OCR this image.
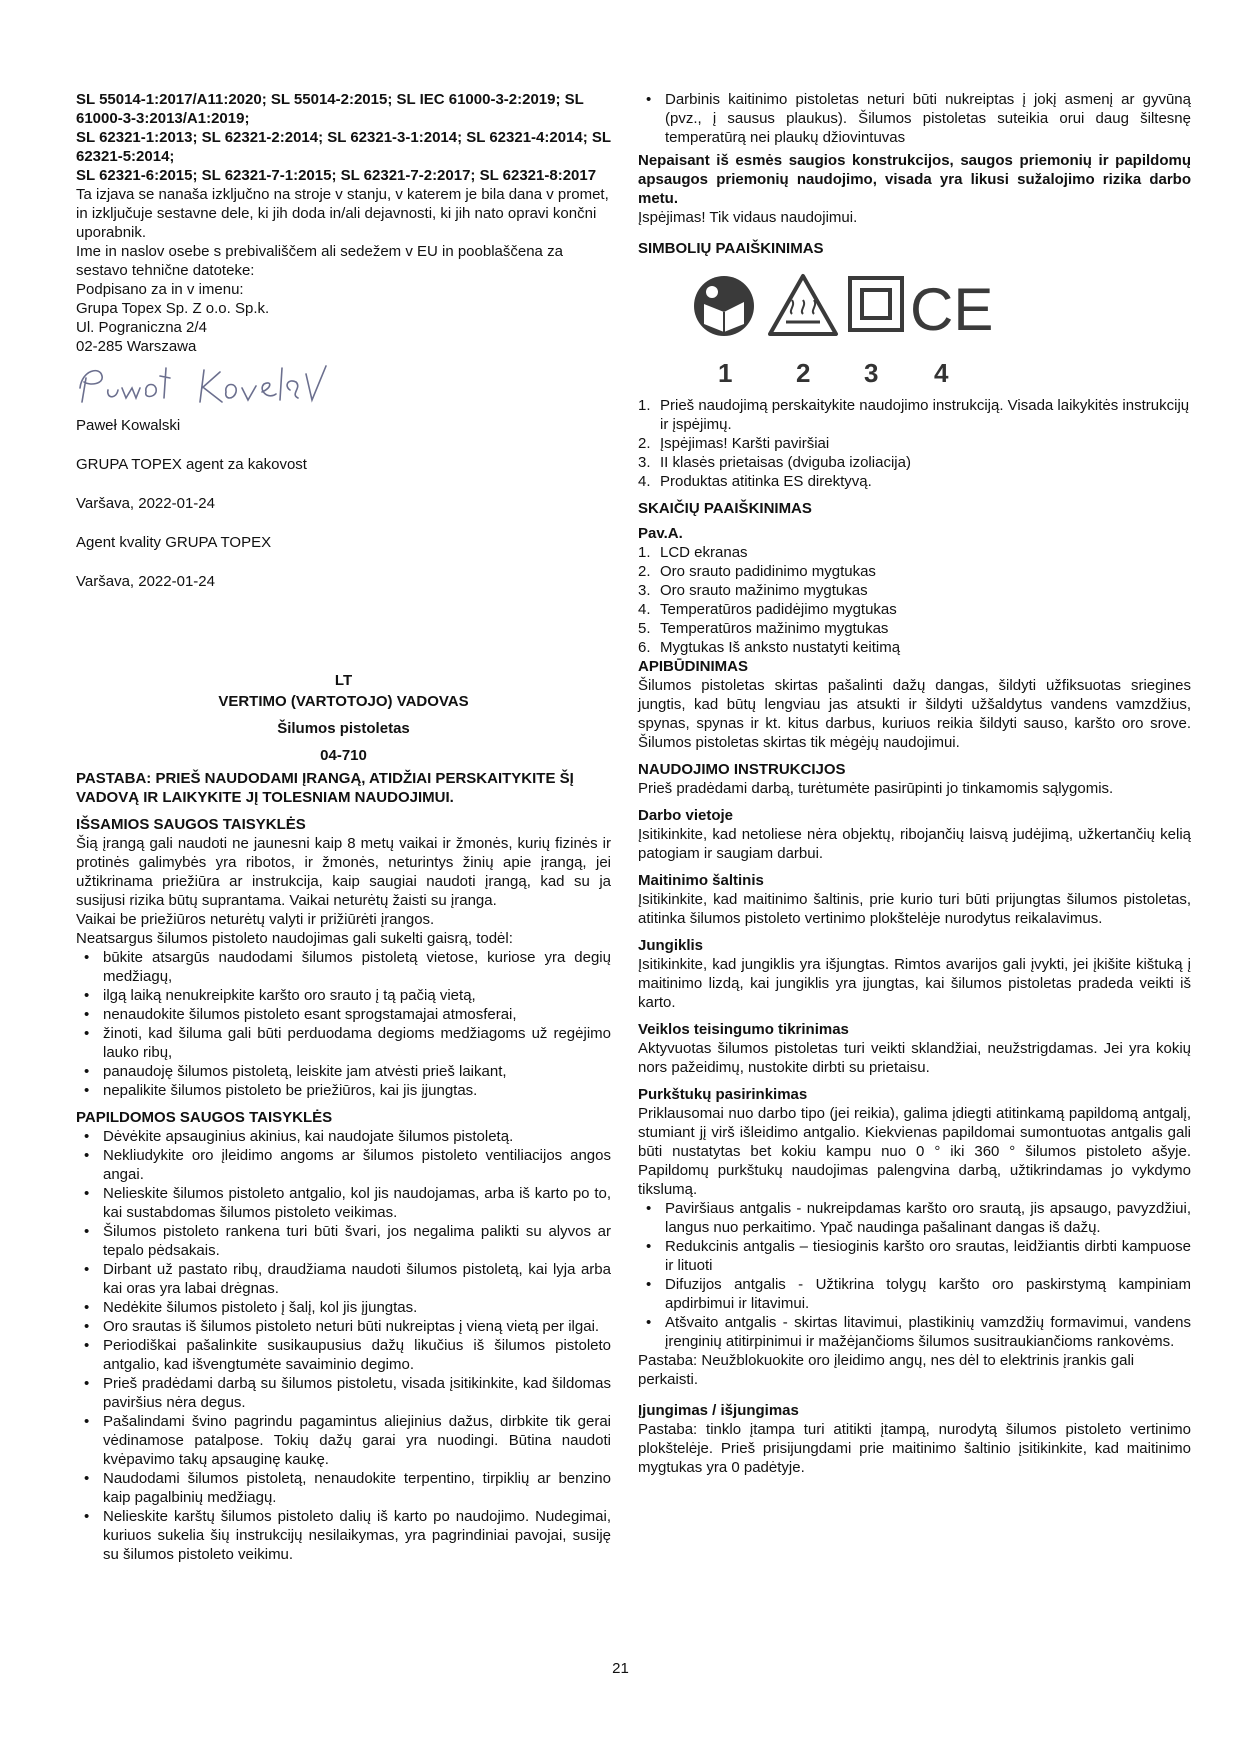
SL 55014-1:2017/A11:2020; SL 55014-2:2015; SL IEC 61000-3-2:2019; SL 61000-3-3:2013/A1:2019;

SL 62321-1:2013; SL 62321-2:2014; SL 62321-3-1:2014; SL 62321-4:2014; SL 62321-5:2014;

SL 62321-6:2015; SL 62321-7-1:2015; SL 62321-7-2:2017; SL 62321-8:2017

Ta izjava se nanaša izključno na stroje v stanju, v katerem je bila dana v promet, in izključuje sestavne dele, ki jih doda in/ali dejavnosti, ki jih nato opravi končni uporabnik.

Ime in naslov osebe s prebivališčem ali sedežem v EU in pooblaščena za sestavo tehnične datoteke:

Podpisano za in v imenu:

Grupa Topex Sp. Z o.o. Sp.k.

Ul. Pograniczna 2/4

02-285 Warszawa

Paweł Kowalski

GRUPA TOPEX agent za kakovost

Varšava, 2022-01-24

Agent kvality GRUPA TOPEX

Varšava, 2022-01-24

LT

VERTIMO (VARTOTOJO) VADOVAS

Šilumos pistoletas

04-710

PASTABA: PRIEŠ NAUDODAMI ĮRANGĄ, ATIDŽIAI PERSKAITYKITE ŠĮ VADOVĄ IR LAIKYKITE JĮ TOLESNIAM NAUDOJIMUI.

IŠSAMIOS SAUGOS TAISYKLĖS

Šią įrangą gali naudoti ne jaunesni kaip 8 metų vaikai ir žmonės, kurių fizinės ir protinės galimybės yra ribotos, ir žmonės, neturintys žinių apie įrangą, jei užtikrinama priežiūra ar instrukcija, kaip saugiai naudoti įrangą, kad su ja susijusi rizika būtų suprantama. Vaikai neturėtų žaisti su įranga.

Vaikai be priežiūros neturėtų valyti ir prižiūrėti įrangos.

Neatsargus šilumos pistoleto naudojimas gali sukelti gaisrą, todėl:

• būkite atsargūs naudodami šilumos pistoletą vietose, kuriose yra degių medžiagų,
• ilgą laiką nenukreipkite karšto oro srauto į tą pačią vietą,
• nenaudokite šilumos pistoleto esant sprogstamajai atmosferai,
• žinoti, kad šiluma gali būti perduodama degioms medžiagoms už regėjimo lauko ribų,
• panaudoję šilumos pistoletą, leiskite jam atvėsti prieš laikant,
• nepalikite šilumos pistoleto be priežiūros, kai jis įjungtas.

PAPILDOMOS SAUGOS TAISYKLĖS

• Dėvėkite apsauginius akinius, kai naudojate šilumos pistoletą.
• Nekliudykite oro įleidimo angoms ar šilumos pistoleto ventiliacijos angos angai.
• Nelieskite šilumos pistoleto antgalio, kol jis naudojamas, arba iš karto po to, kai sustabdomas šilumos pistoleto veikimas.
• Šilumos pistoleto rankena turi būti švari, jos negalima palikti su alyvos ar tepalo pėdsakais.
• Dirbant už pastato ribų, draudžiama naudoti šilumos pistoletą, kai lyja arba kai oras yra labai drėgnas.
• Nedėkite šilumos pistoleto į šalį, kol jis įjungtas.
• Oro srautas iš šilumos pistoleto neturi būti nukreiptas į vieną vietą per ilgai.
• Periodiškai pašalinkite susikaupusius dažų likučius iš šilumos pistoleto antgalio, kad išvengtumėte savaiminio degimo.
• Prieš pradėdami darbą su šilumos pistoletu, visada įsitikinkite, kad šildomas paviršius nėra degus.
• Pašalindami švino pagrindu pagamintus aliejinius dažus, dirbkite tik gerai vėdinamose patalpose. Tokių dažų garai yra nuodingi. Būtina naudoti kvėpavimo takų apsauginę kaukę.
• Naudodami šilumos pistoletą, nenaudokite terpentino, tirpiklių ar benzino kaip pagalbinių medžiagų.
• Nelieskite karštų šilumos pistoleto dalių iš karto po naudojimo. Nudegimai, kuriuos sukelia šių instrukcijų nesilaikymas, yra pagrindiniai pavojai, susiję su šilumos pistoleto veikimu.
• Darbinis kaitinimo pistoletas neturi būti nukreiptas į jokį asmenį ar gyvūną (pvz., į sausus plaukus). Šilumos pistoletas suteikia orui daug šiltesnę temperatūrą nei plaukų džiovintuvas

Nepaisant iš esmės saugios konstrukcijos, saugos priemonių ir papildomų apsaugos priemonių naudojimo, visada yra likusi sužalojimo rizika darbo metu.

Įspėjimas! Tik vidaus naudojimui.

SIMBOLIŲ PAAIŠKINIMAS

CE
1 2 3 4
1. Prieš naudojimą perskaitykite naudojimo instrukciją. Visada laikykitės instrukcijų ir įspėjimų.
2. Įspėjimas! Karšti paviršiai
3. II klasės prietaisas (dviguba izoliacija)
4. Produktas atitinka ES direktyvą.

SKAIČIŲ PAAIŠKINIMAS

Pav.A.

1. LCD ekranas
2. Oro srauto padidinimo mygtukas
3. Oro srauto mažinimo mygtukas
4. Temperatūros padidėjimo mygtukas
5. Temperatūros mažinimo mygtukas
6. Mygtukas Iš anksto nustatyti keitimą

APIBŪDINIMAS

Šilumos pistoletas skirtas pašalinti dažų dangas, šildyti užfiksuotas sriegines jungtis, kad būtų lengviau jas atsukti ir šildyti užšaldytus vandens vamzdžius, spynas, spynas ir kt. kitus darbus, kuriuos reikia šildyti sauso, karšto oro srove. Šilumos pistoletas skirtas tik mėgėjų naudojimui.

NAUDOJIMO INSTRUKCIJOS

Prieš pradėdami darbą, turėtumėte pasirūpinti jo tinkamomis sąlygomis.

Darbo vietoje

Įsitikinkite, kad netoliese nėra objektų, ribojančių laisvą judėjimą, užkertančių kelią patogiam ir saugiam darbui.

Maitinimo šaltinis

Įsitikinkite, kad maitinimo šaltinis, prie kurio turi būti prijungtas šilumos pistoletas, atitinka šilumos pistoleto vertinimo plokštelėje nurodytus reikalavimus.

Jungiklis

Įsitikinkite, kad jungiklis yra išjungtas. Rimtos avarijos gali įvykti, jei įkišite kištuką į maitinimo lizdą, kai jungiklis yra įjungtas, kai šilumos pistoletas pradeda veikti iš karto.

Veiklos teisingumo tikrinimas

Aktyvuotas šilumos pistoletas turi veikti sklandžiai, neužstrigdamas. Jei yra kokių nors pažeidimų, nustokite dirbti su prietaisu.

Purkštukų pasirinkimas

Priklausomai nuo darbo tipo (jei reikia), galima įdiegti atitinkamą papildomą antgalį, stumiant jį virš išleidimo antgalio. Kiekvienas papildomai sumontuotas antgalis gali būti nustatytas bet kokiu kampu nuo 0 ° iki 360 ° šilumos pistoleto ašyje. Papildomų purkštukų naudojimas palengvina darbą, užtikrindamas jo vykdymo tikslumą.

• Paviršiaus antgalis - nukreipdamas karšto oro srautą, jis apsaugo, pavyzdžiui, langus nuo perkaitimo. Ypač naudinga pašalinant dangas iš dažų.
• Redukcinis antgalis – tiesioginis karšto oro srautas, leidžiantis dirbti kampuose ir lituoti
• Difuzijos antgalis - Užtikrina tolygų karšto oro paskirstymą kampiniam apdirbimui ir litavimui.
• Atšvaito antgalis - skirtas litavimui, plastikinių vamzdžių formavimui, vandens įrenginių atitirpinimui ir mažėjančioms šilumos susitraukiančioms rankovėms.

Pastaba: Neužblokuokite oro įleidimo angų, nes dėl to elektrinis įrankis gali perkaisti.

Įjungimas / išjungimas

Pastaba: tinklo įtampa turi atitikti įtampą, nurodytą šilumos pistoleto vertinimo plokštelėje. Prieš prisijungdami prie maitinimo šaltinio įsitikinkite, kad maitinimo mygtukas yra 0 padėtyje.

21
